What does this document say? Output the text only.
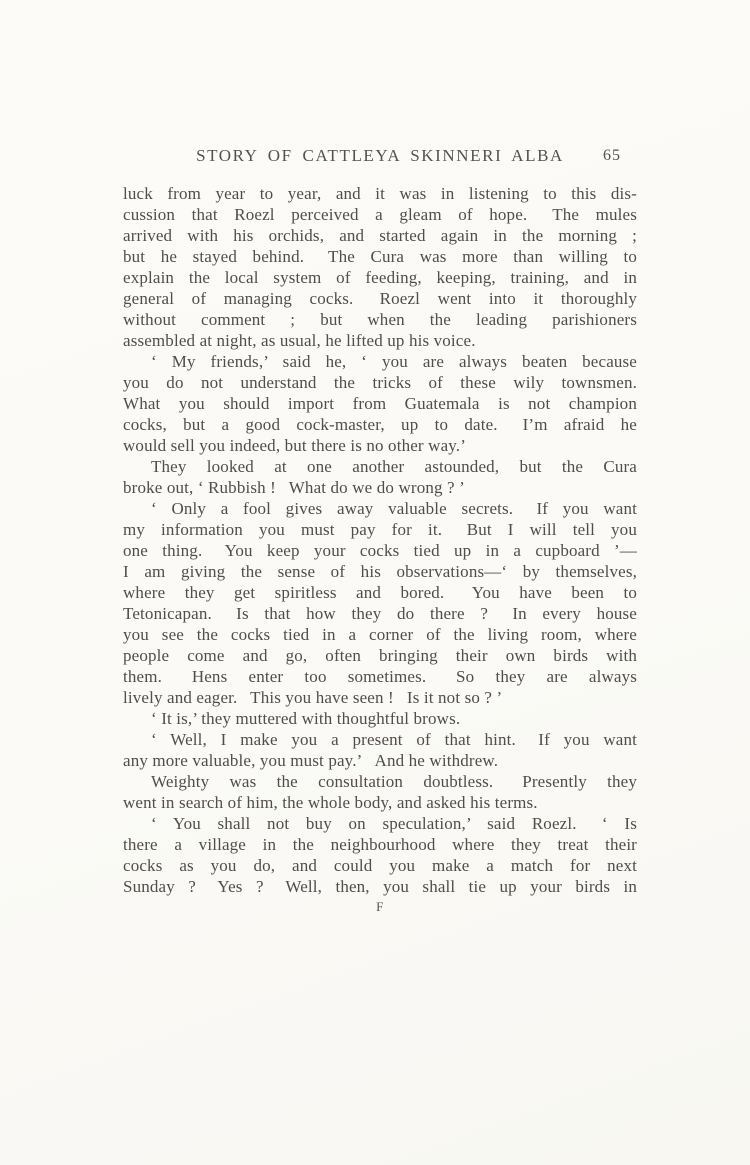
STORY OF CATTLEYA SKINNERI ALBA 65
luck from year to year, and it was in listening to this dis-
cussion that Roezl perceived a gleam of hope.  The mules
arrived with his orchids, and started again in the morning ;
but he stayed behind.  The Cura was more than willing to
explain the local system of feeding, keeping, training, and in
general of managing cocks.  Roezl went into it thoroughly
without comment ; but when the leading parishioners
assembled at night, as usual, he lifted up his voice.
‘ My friends,’ said he, ‘ you are always beaten because
you do not understand the tricks of these wily townsmen.
What you should import from Guatemala is not champion
cocks, but a good cock-master, up to date.  I’m afraid he
would sell you indeed, but there is no other way.’
They looked at one another astounded, but the Cura
broke out, ‘ Rubbish !  What do we do wrong ? ’
‘ Only a fool gives away valuable secrets.  If you want
my information you must pay for it.  But I will tell you
one thing.  You keep your cocks tied up in a cupboard ’—
I am giving the sense of his observations—‘ by themselves,
where they get spiritless and bored.  You have been to
Tetonicapan.  Is that how they do there ?  In every house
you see the cocks tied in a corner of the living room, where
people come and go, often bringing their own birds with
them.  Hens enter too sometimes.  So they are always
lively and eager.  This you have seen !  Is it not so ? ’
‘ It is,’ they muttered with thoughtful brows.
‘ Well, I make you a present of that hint.  If you want
any more valuable, you must pay.’  And he withdrew.
Weighty was the consultation doubtless.  Presently they
went in search of him, the whole body, and asked his terms.
‘ You shall not buy on speculation,’ said Roezl.  ‘ Is
there a village in the neighbourhood where they treat their
cocks as you do, and could you make a match for next
Sunday ?  Yes ?  Well, then, you shall tie up your birds in
F
